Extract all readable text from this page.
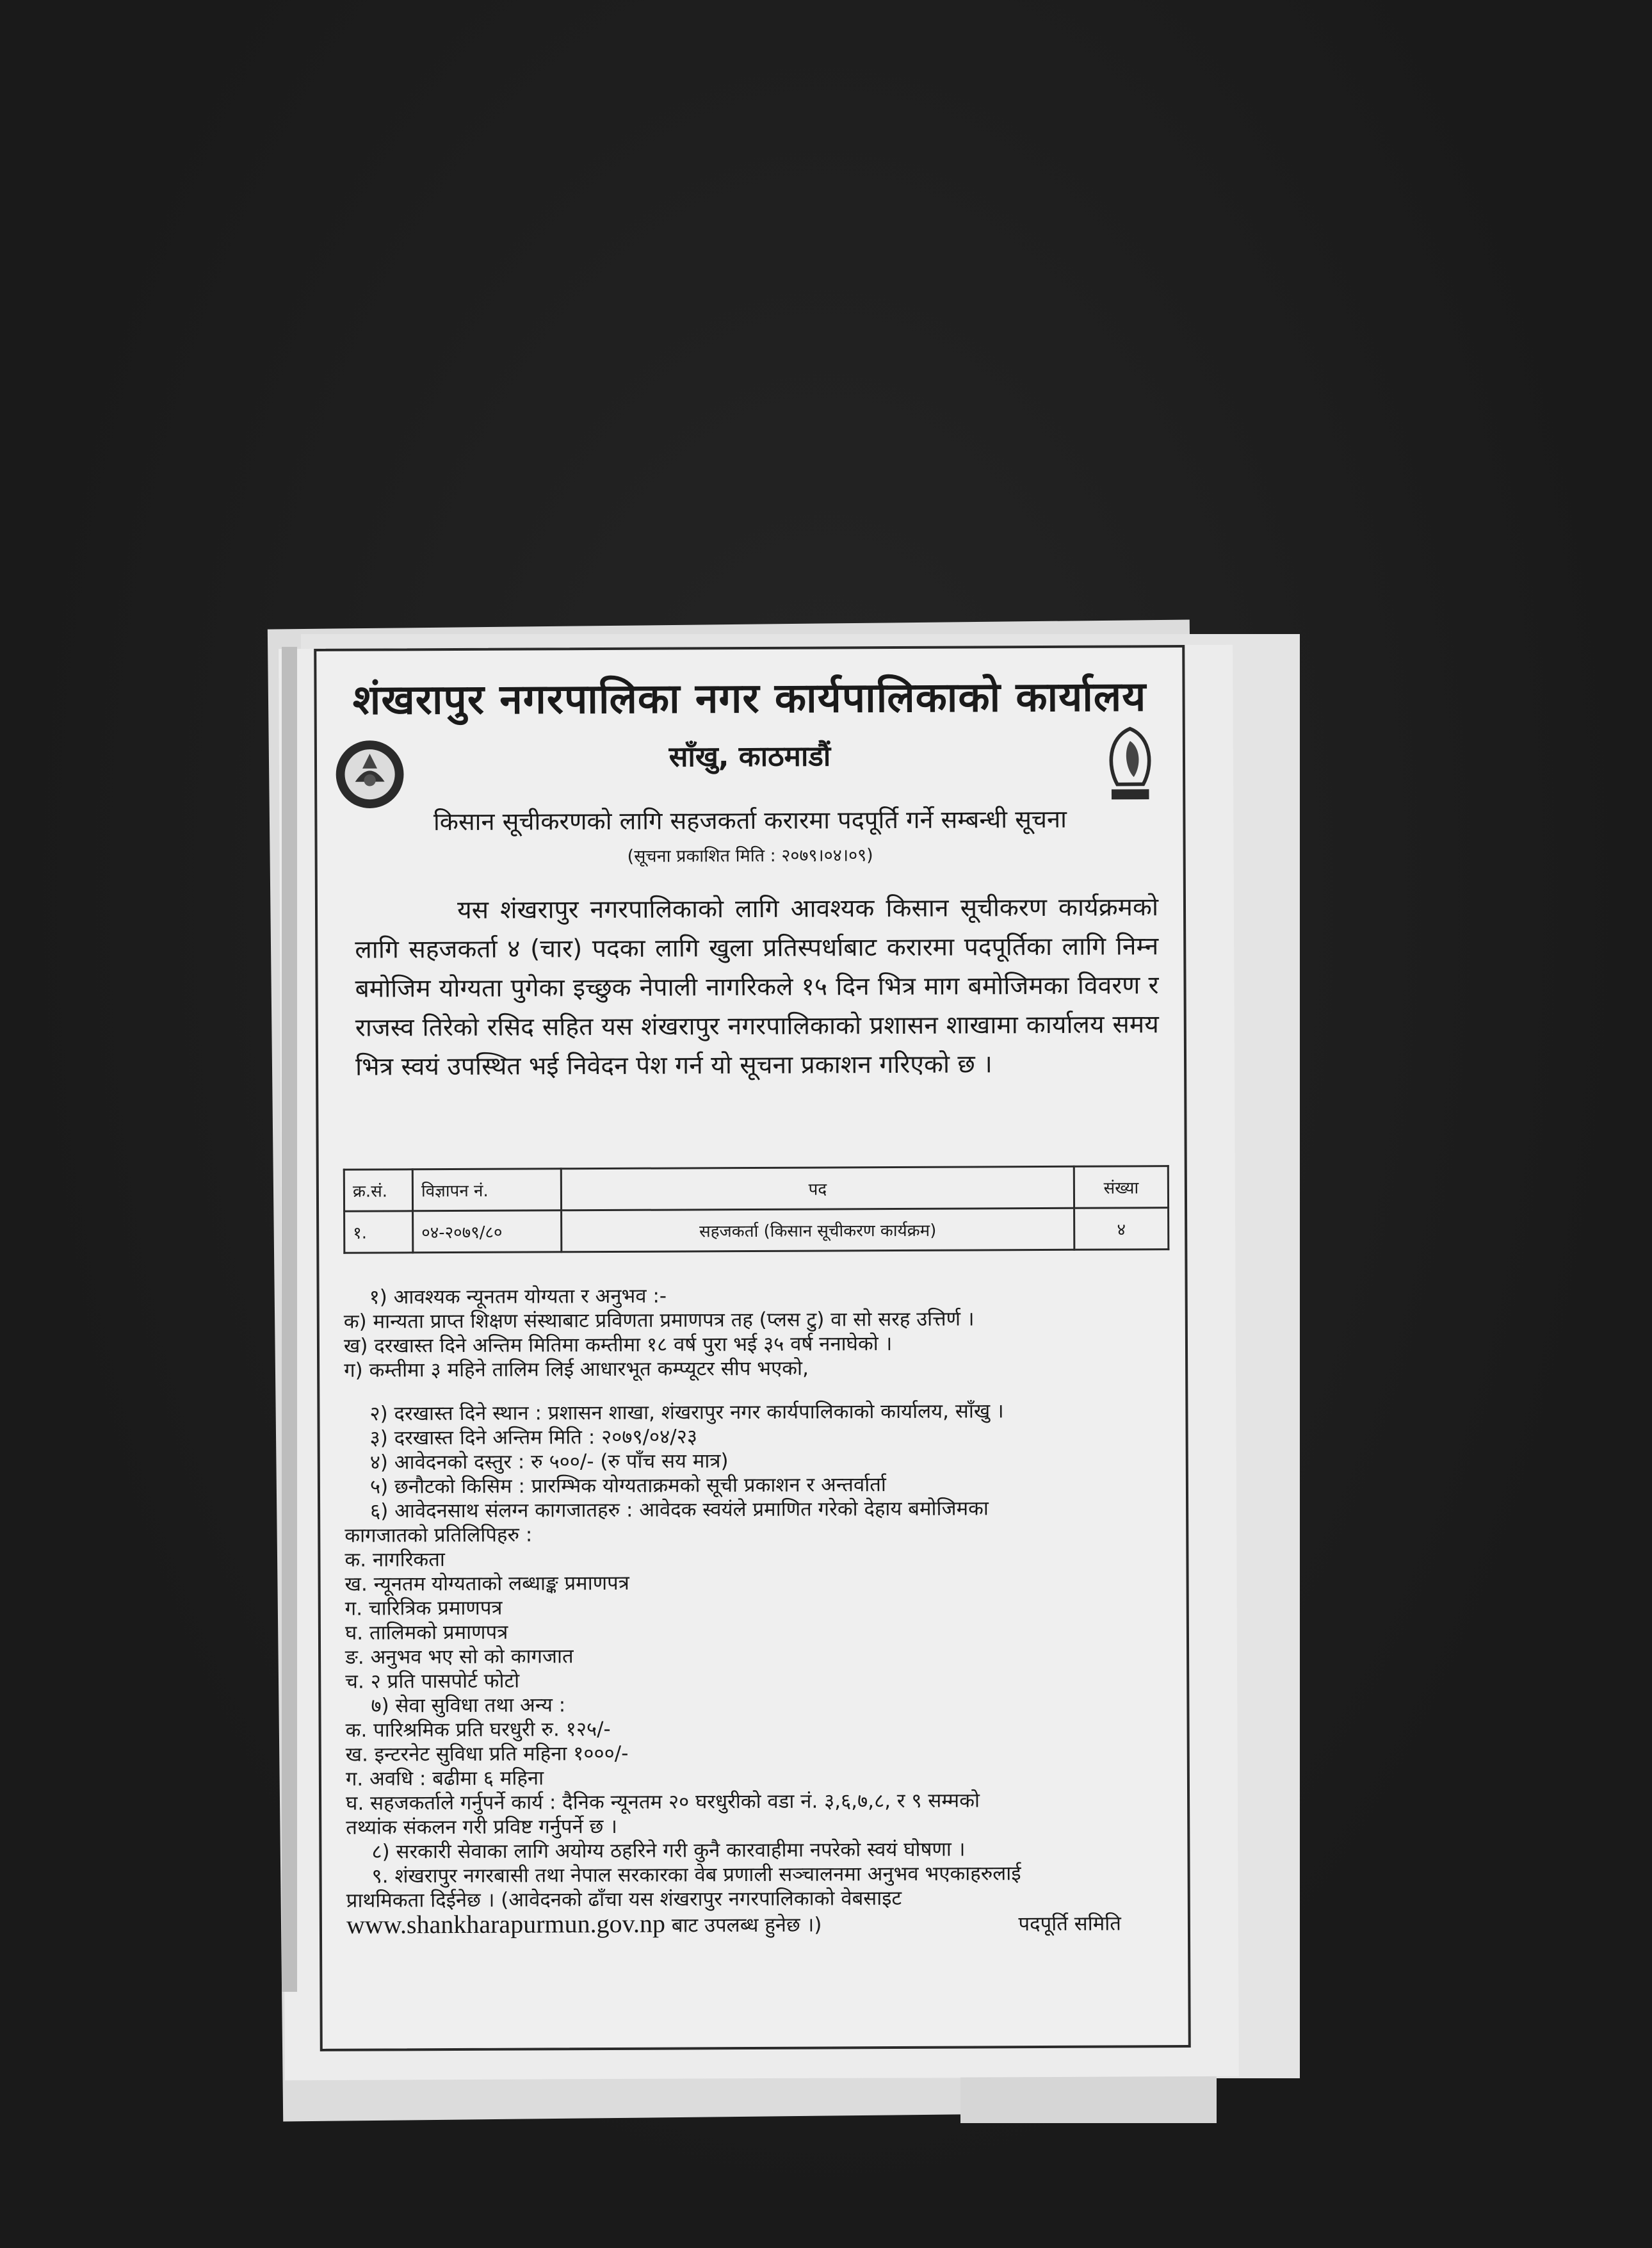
शंखरापुर नगरपालिका नगर कार्यपालिकाको कार्यालय
साँखु, काठमाडौं
किसान सूचीकरणको लागि सहजकर्ता करारमा पदपूर्ति गर्ने सम्बन्धी सूचना
(सूचना प्रकाशित मिति : २०७९।०४।०९)
यस शंखरापुर नगरपालिकाको लागि आवश्यक किसान सूचीकरण कार्यक्रमको लागि सहजकर्ता ४ (चार) पदका लागि खुला प्रतिस्पर्धाबाट करारमा पदपूर्तिका लागि निम्न बमोजिम योग्यता पुगेका इच्छुक नेपाली नागरिकले १५ दिन भित्र माग बमोजिमका विवरण र राजस्व तिरेको रसिद सहित यस शंखरापुर नगरपालिकाको प्रशासन शाखामा कार्यालय समय भित्र स्वयं उपस्थित भई निवेदन पेश गर्न यो सूचना प्रकाशन गरिएको छ ।
क्र.सं.	विज्ञापन नं.	पद	संख्या
१.	०४-२०७९/८०	सहजकर्ता (किसान सूचीकरण कार्यक्रम)	४
१) आवश्यक न्यूनतम योग्यता र अनुभव :-
क) मान्यता प्राप्त शिक्षण संस्थाबाट प्रविणता प्रमाणपत्र तह (प्लस टु) वा सो सरह उत्तिर्ण ।
ख) दरखास्त दिने अन्तिम मितिमा कम्तीमा १८ वर्ष पुरा भई ३५ वर्ष ननाघेको ।
ग) कम्तीमा ३ महिने तालिम लिई आधारभूत कम्प्यूटर सीप भएको,
२) दरखास्त दिने स्थान : प्रशासन शाखा, शंखरापुर नगर कार्यपालिकाको कार्यालय, साँखु ।
३) दरखास्त दिने अन्तिम मिति : २०७९/०४/२३
४) आवेदनको दस्तुर : रु ५००/- (रु पाँच सय मात्र)
५) छनौटको किसिम : प्रारम्भिक योग्यताक्रमको सूची प्रकाशन र अन्तर्वार्ता
६) आवेदनसाथ संलग्न कागजातहरु : आवेदक स्वयंले प्रमाणित गरेको देहाय बमोजिमका
कागजातको प्रतिलिपिहरु :
क. नागरिकता
ख. न्यूनतम योग्यताको लब्धाङ्क प्रमाणपत्र
ग. चारित्रिक प्रमाणपत्र
घ. तालिमको प्रमाणपत्र
ङ. अनुभव भए सो को कागजात
च. २ प्रति पासपोर्ट फोटो
७) सेवा सुविधा तथा अन्य :
क. पारिश्रमिक प्रति घरधुरी रु. १२५/-
ख. इन्टरनेट सुविधा प्रति महिना १०००/-
ग. अवधि : बढीमा ६ महिना
घ. सहजकर्ताले गर्नुपर्ने कार्य : दैनिक न्यूनतम २० घरधुरीको वडा नं. ३,६,७,८, र ९ सम्मको
तथ्यांक संकलन गरी प्रविष्ट गर्नुपर्ने छ ।
८) सरकारी सेवाका लागि अयोग्य ठहरिने गरी कुनै कारवाहीमा नपरेको स्वयं घोषणा ।
९. शंखरापुर नगरबासी तथा नेपाल सरकारका वेब प्रणाली सञ्चालनमा अनुभव भएकाहरुलाई
प्राथमिकता दिईनेछ । (आवेदनको ढाँचा यस शंखरापुर नगरपालिकाको वेबसाइट
www.shankharapurmun.gov.np बाट उपलब्ध हुनेछ ।)	पदपूर्ति समिति
